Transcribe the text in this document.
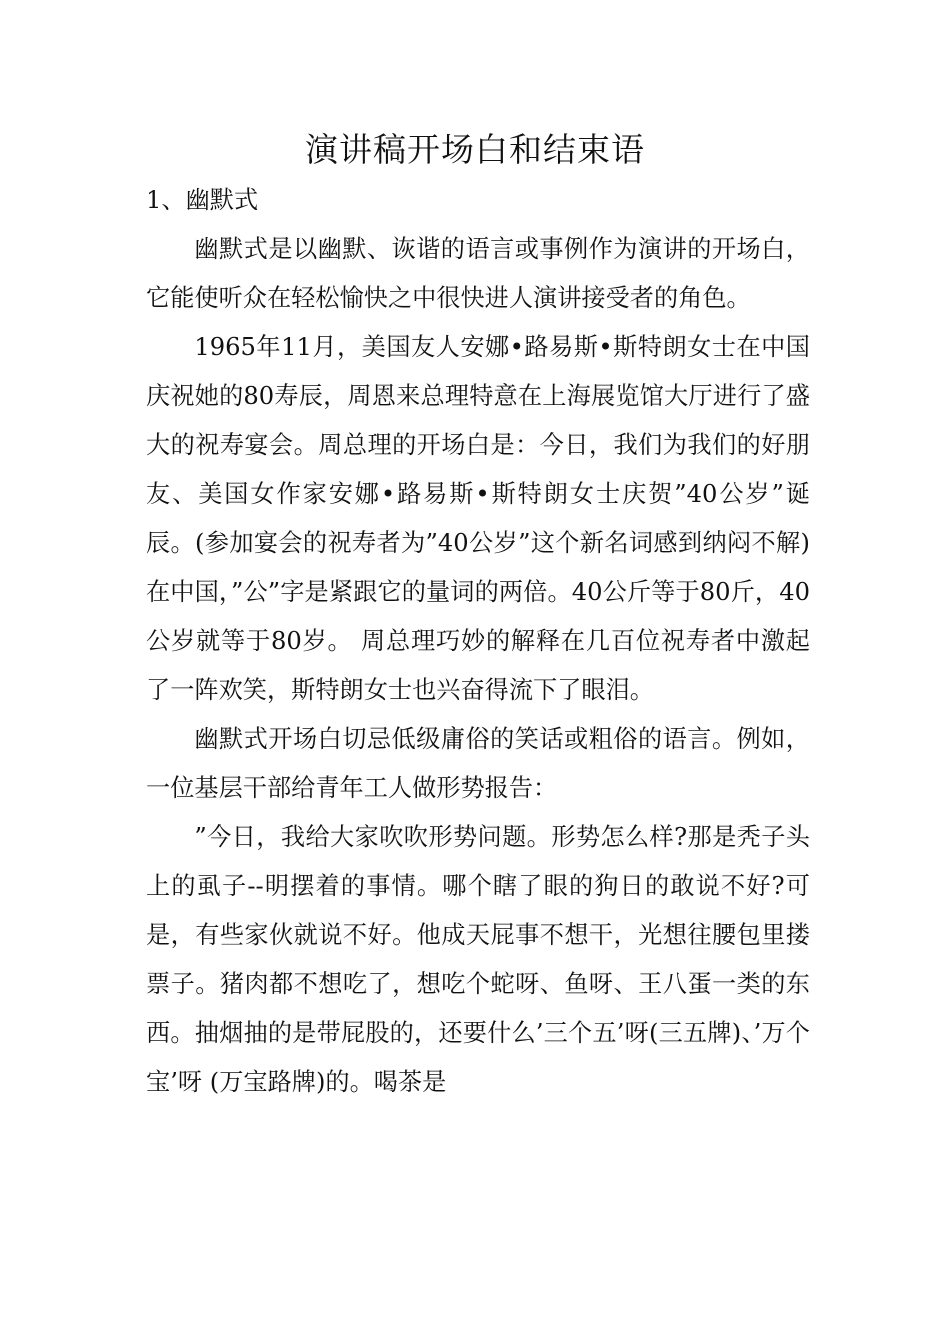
演讲稿开场白和结束语
1、幽默式

幽默式是以幽默、诙谐的语言或事例作为演讲的开场白，它能使听众在轻松愉快之中很快进人演讲接受者的角色。

1965年11月，美国友人安娜•路易斯•斯特朗女士在中国庆祝她的80寿辰，周恩来总理特意在上海展览馆大厅进行了盛大的祝寿宴会。周总理的开场白是：今日，我们为我们的好朋友、美国女作家安娜•路易斯•斯特朗女士庆贺”40公岁”诞辰。(参加宴会的祝寿者为”40公岁”这个新名词感到纳闷不解)在中国，”公”字是紧跟它的量词的两倍。40公斤等于80斤，40公岁就等于80岁。 周总理巧妙的解释在几百位祝寿者中激起了一阵欢笑，斯特朗女士也兴奋得流下了眼泪。

幽默式开场白切忌低级庸俗的笑话或粗俗的语言。例如，一位基层干部给青年工人做形势报告：

”今日，我给大家吹吹形势问题。形势怎么样?那是秃子头上的虱子--明摆着的事情。哪个瞎了眼的狗日的敢说不好?可是，有些家伙就说不好。他成天屁事不想干，光想往腰包里搂票子。猪肉都不想吃了，想吃个蛇呀、鱼呀、王八蛋一类的东西。抽烟抽的是带屁股的，还要什么’三个五’呀(三五牌)、’万个宝’呀 (万宝路牌)的。喝茶是
